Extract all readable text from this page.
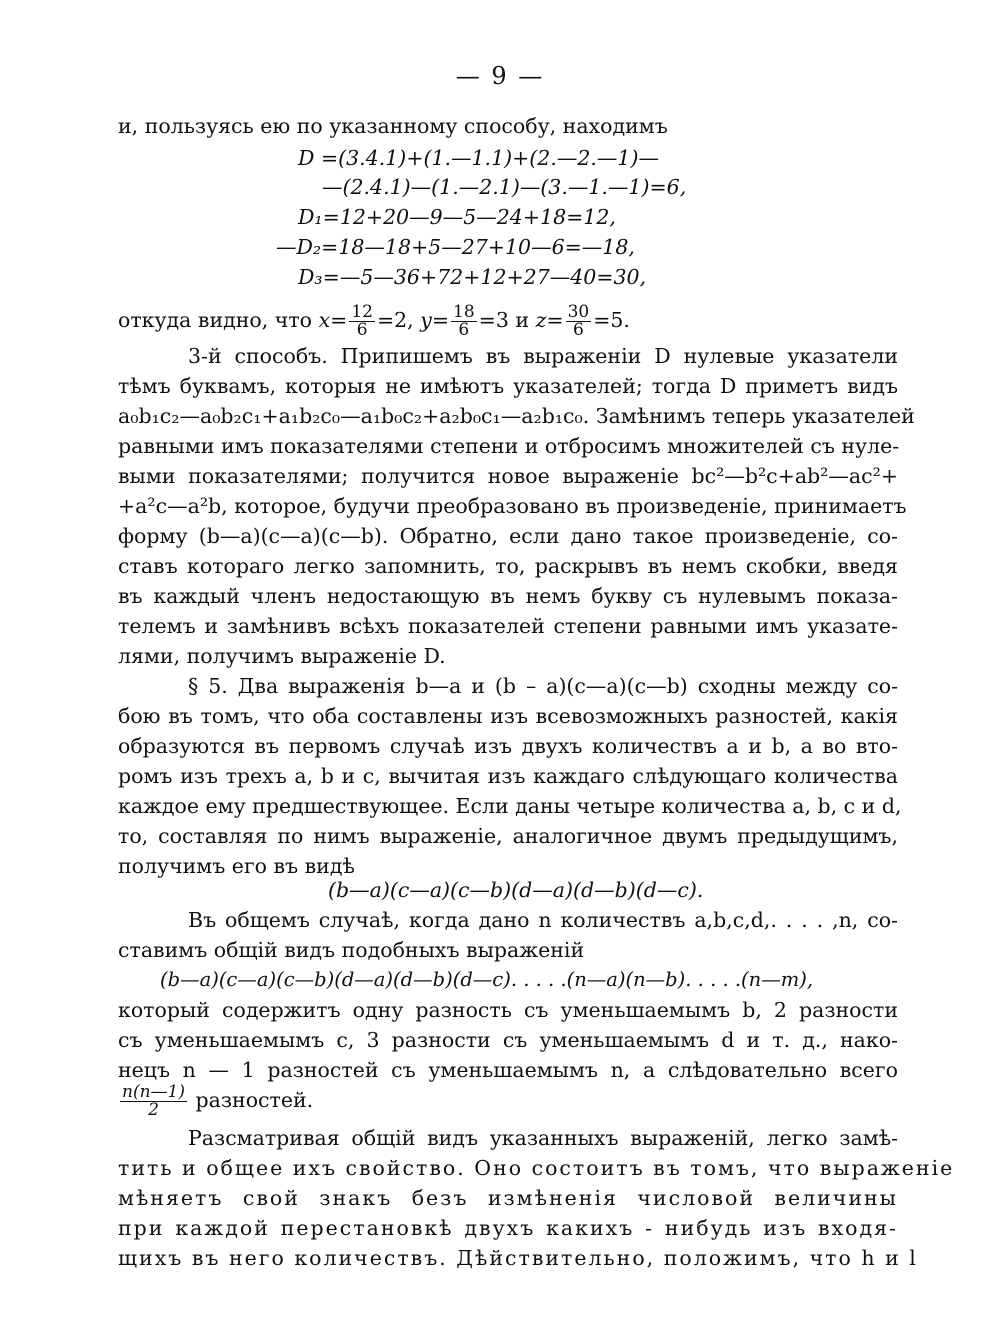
— 9 —
и, пользуясь ею по указанному способу, находимъ
D =(3.4.1)+(1.—1.1)+(2.—2.—1)—
—(2.4.1)—(1.—2.1)—(3.—1.—1)=6,
D₁=12+20—9—5—24+18=12,
—D₂=18—18+5—27+10—6=—18,
D₃=—5—36+72+12+27—40=30,
откуда видно, что $x= \frac{12}{6} =2$, $y= \frac{18}{6} =3$ и $z= \frac{30}{6} =5$.
3-й способъ. Припишемъ въ выраженіи D нулевые указатели
тѣмъ буквамъ, которыя не имѣютъ указателей; тогда D приметъ видъ
a₀b₁c₂—a₀b₂c₁+a₁b₂c₀—a₁b₀c₂+a₂b₀c₁—a₂b₁c₀. Замѣнимъ теперь указателей
равными имъ показателями степени и отбросимъ множителей съ нуле-
выми показателями; получится новое выраженіе bc²—b²c+ab²—ac²+
+a²c—a²b, которое, будучи преобразовано въ произведеніе, принимаетъ
форму (b—a)(c—a)(c—b). Обратно, если дано такое произведеніе, со-
ставъ котораго легко запомнить, то, раскрывъ въ немъ скобки, введя
въ каждый членъ недостающую въ немъ букву съ нулевымъ показа-
телемъ и замѣнивъ всѣхъ показателей степени равными имъ указате-
лями, получимъ выраженіе D.
§ 5. Два выраженія b—a и (b – a)(c—a)(c—b) сходны между со-
бою въ томъ, что оба составлены изъ всевозможныхъ разностей, какія
образуются въ первомъ случаѣ изъ двухъ количествъ a и b, а во вто-
ромъ изъ трехъ a, b и c, вычитая изъ каждаго слѣдующаго количества
каждое ему предшествующее. Если даны четыре количества a, b, c и d,
то, составляя по нимъ выраженіе, аналогичное двумъ предыдущимъ,
получимъ его въ видѣ
(b—a)(c—a)(c—b)(d—a)(d—b)(d—c).
Въ общемъ случаѣ, когда дано n количествъ a,b,c,d,. . . . ,n, со-
ставимъ общій видъ подобныхъ выраженій
(b—a)(c—a)(c—b)(d—a)(d—b)(d—c). . . . .(n—a)(n—b). . . . .(n—m),
который содержитъ одну разность съ уменьшаемымъ b, 2 разности
съ уменьшаемымъ c, 3 разности съ уменьшаемымъ d и т. д., нако-
нецъ n — 1 разностей съ уменьшаемымъ n, а слѣдовательно всего
$\frac{n(n—1)}{2}$ разностей.
Разсматривая общій видъ указанныхъ выраженій, легко замѣ-
тить и общее ихъ свойство. Оно состоитъ въ томъ, что выраженіе
мѣняетъ свой знакъ безъ измѣненія числовой величины
при каждой перестановкѣ двухъ какихъ - нибудь изъ входя-
щихъ въ него количествъ. Дѣйствительно, положимъ, что h и l
